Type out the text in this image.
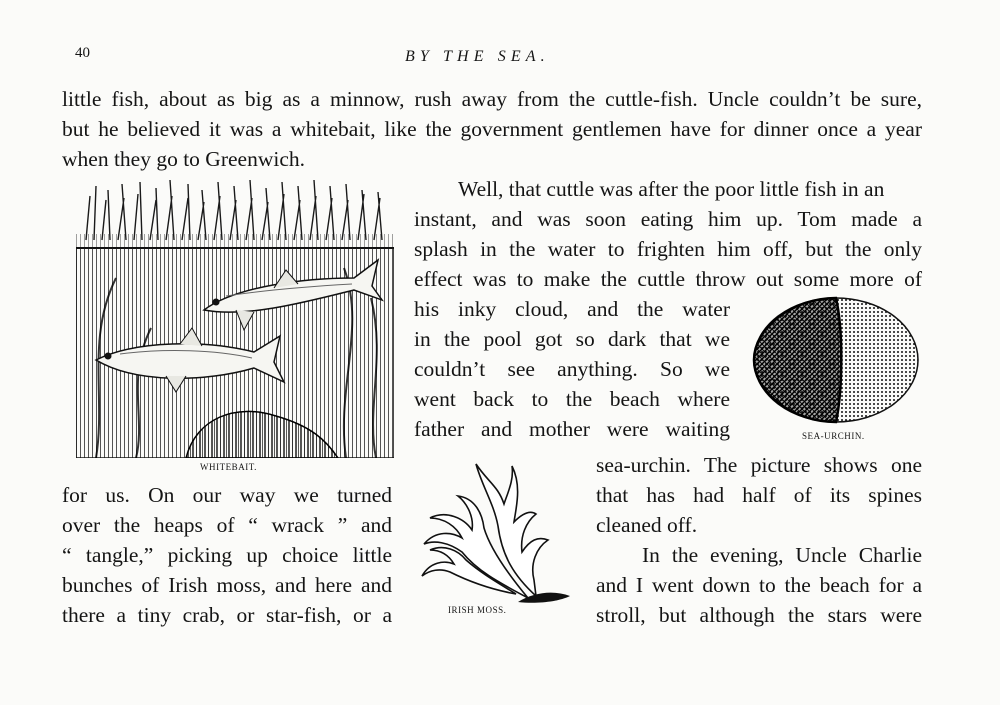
40	BY THE SEA.
little fish, about as big as a minnow, rush away from the cuttle-fish. Uncle couldn’t be sure,
but he believed it was a whitebait, like the government gentlemen have for dinner once a year
when they go to Greenwich.
WHITEBAIT.
Well, that cuttle was after the poor little fish in an
instant, and was soon eating him up. Tom made a
splash in the water to frighten him off, but the only
effect was to make the cuttle throw out some more of
his inky cloud, and the water
in the pool got so dark that we
couldn’t see anything. So we
went back to the beach where
father and mother were waiting	SEA-URCHIN.
for us. On our way we turned
over the heaps of “ wrack ” and
“ tangle,” picking up choice little
bunches of Irish moss, and here and
there a tiny crab, or star-fish, or a	IRISH MOSS.
sea-urchin. The picture shows one
that has had half of its spines
cleaned off.
In the evening, Uncle Charlie
and I went down to the beach for a
stroll, but although the stars were
